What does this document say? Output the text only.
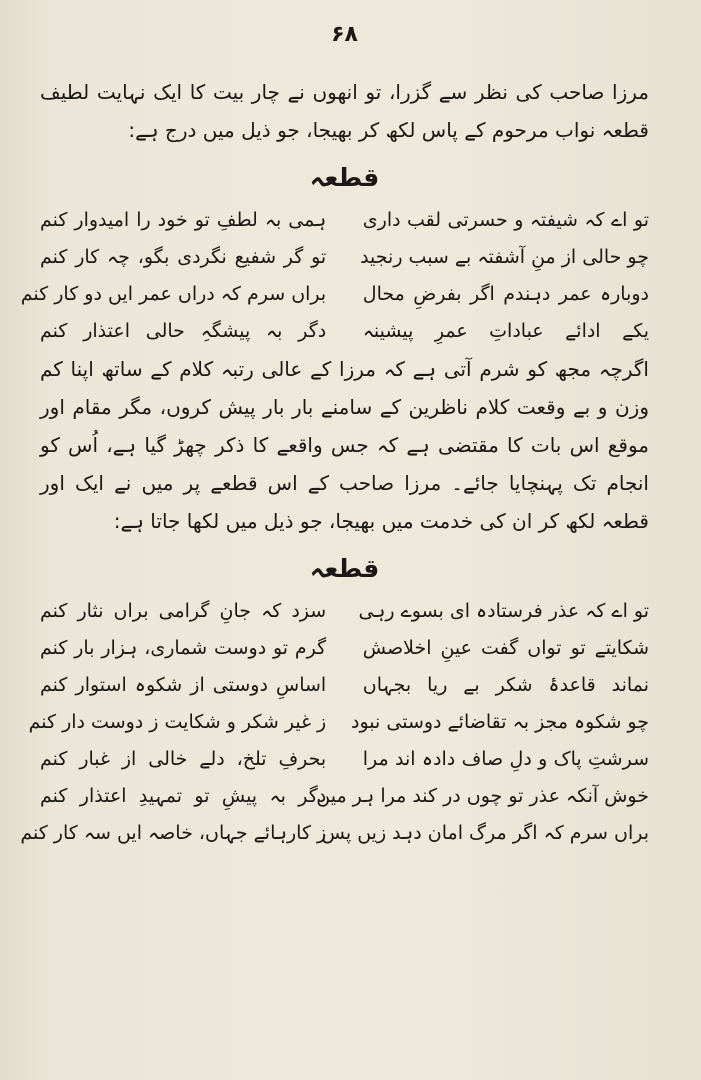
۶۸

مرزا صاحب کی نظر سے گزرا، تو انھوں نے چار بیت کا ایک نہایت لطیف قطعہ نواب مرحوم کے پاس لکھ کر بھیجا، جو ذیل میں درج ہے:

قطعہ
تو اے کہ شیفتہ و حسرتی لقب داری
ہمی بہ لطفِ تو خود را امیدوار کنم
چو حالی از منِ آشفتہ بے سبب رنجید
تو گر شفیع نگردی بگو، چہ کار کنم
دوبارہ عمر دہندم اگر بفرضِ محال
براں سرم کہ دراں عمر ایں دو کار کنم
یکے ادائے عباداتِ عمرِ پیشینہ
دگر بہ پیشگہِ حالی اعتذار کنم

اگرچہ مجھ کو شرم آتی ہے کہ مرزا کے عالی رتبہ کلام کے ساتھ اپنا کم وزن و بے وقعت کلام ناظرین کے سامنے بار بار پیش کروں، مگر مقام اور موقع اس بات کا مقتضی ہے کہ جس واقعے کا ذکر چھڑ گیا ہے، اُس کو انجام تک پہنچایا جائے۔ مرزا صاحب کے اس قطعے پر میں نے ایک اور قطعہ لکھ کر ان کی خدمت میں بھیجا، جو ذیل میں لکھا جاتا ہے:

قطعہ
تو اے کہ عذر فرستادہ ای بسوے رہی
سزد کہ جانِ گرامی براں نثار کنم
شکایتے تو تواں گفت عینِ اخلاصش
گرم تو دوست شماری، ہزار بار کنم
نماند قاعدۂ شکر بے ریا بجہاں
اساسِ دوستی از شکوہ استوار کنم
چو شکوہ مجز بہ تقاضائے دوستی نبود
ز غیر شکر و شکایت ز دوست دار کنم
سرشتِ پاک و دلِ صاف دادہ اند مرا
بحرفِ تلخ، دلے خالی از غبار کنم
خوش آنکہ عذر تو چوں در کند مرا ہر میں
دگر بہ پیشِ تو تمہیدِ اعتذار کنم
براں سرم کہ اگر مرگ امان دہد زیں پس
ز کارہائے جہاں، خاصہ ایں سہ کار کنم
